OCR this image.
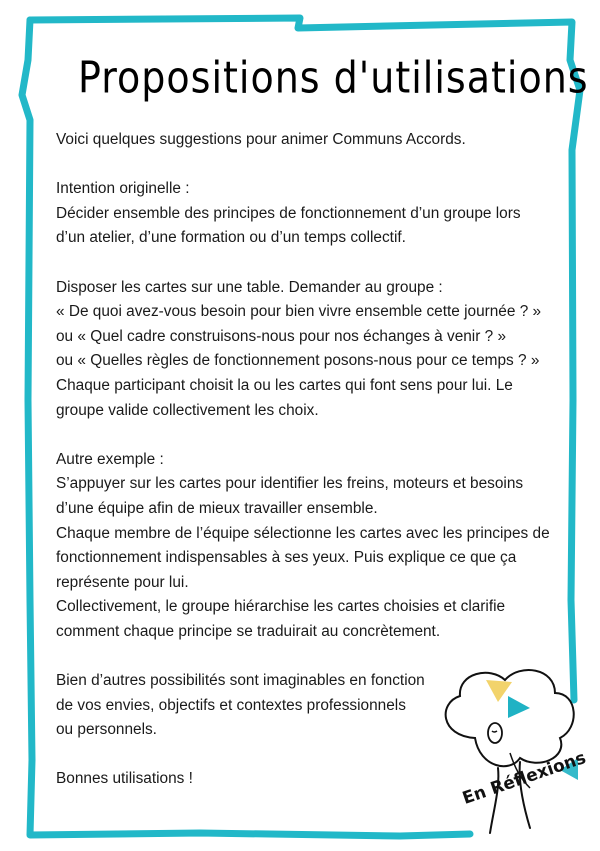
Propositions d'utilisations

Voici quelques suggestions pour animer Communs Accords.

Intention originelle :

Décider ensemble des principes de fonctionnement d’un groupe lors

d’un atelier, d’une formation ou d’un temps collectif.

Disposer les cartes sur une table. Demander au groupe :

« De quoi avez-vous besoin pour bien vivre ensemble cette journée ? »

ou « Quel cadre construisons-nous pour nos échanges à venir ? »

ou « Quelles règles de fonctionnement posons-nous pour ce temps ? »

Chaque participant choisit la ou les cartes qui font sens pour lui. Le

groupe valide collectivement les choix.

Autre exemple :

S’appuyer sur les cartes pour identifier les freins, moteurs et besoins

d’une équipe afin de mieux travailler ensemble.

Chaque membre de l’équipe sélectionne les cartes avec les principes de

fonctionnement indispensables à ses yeux. Puis explique ce que ça

représente pour lui.

Collectivement, le groupe hiérarchise les cartes choisies et clarifie

comment chaque principe se traduirait au concrètement.

Bien d’autres possibilités sont imaginables en fonction

de vos envies, objectifs et contextes professionnels

ou personnels.

Bonnes utilisations !	En Réflexions
